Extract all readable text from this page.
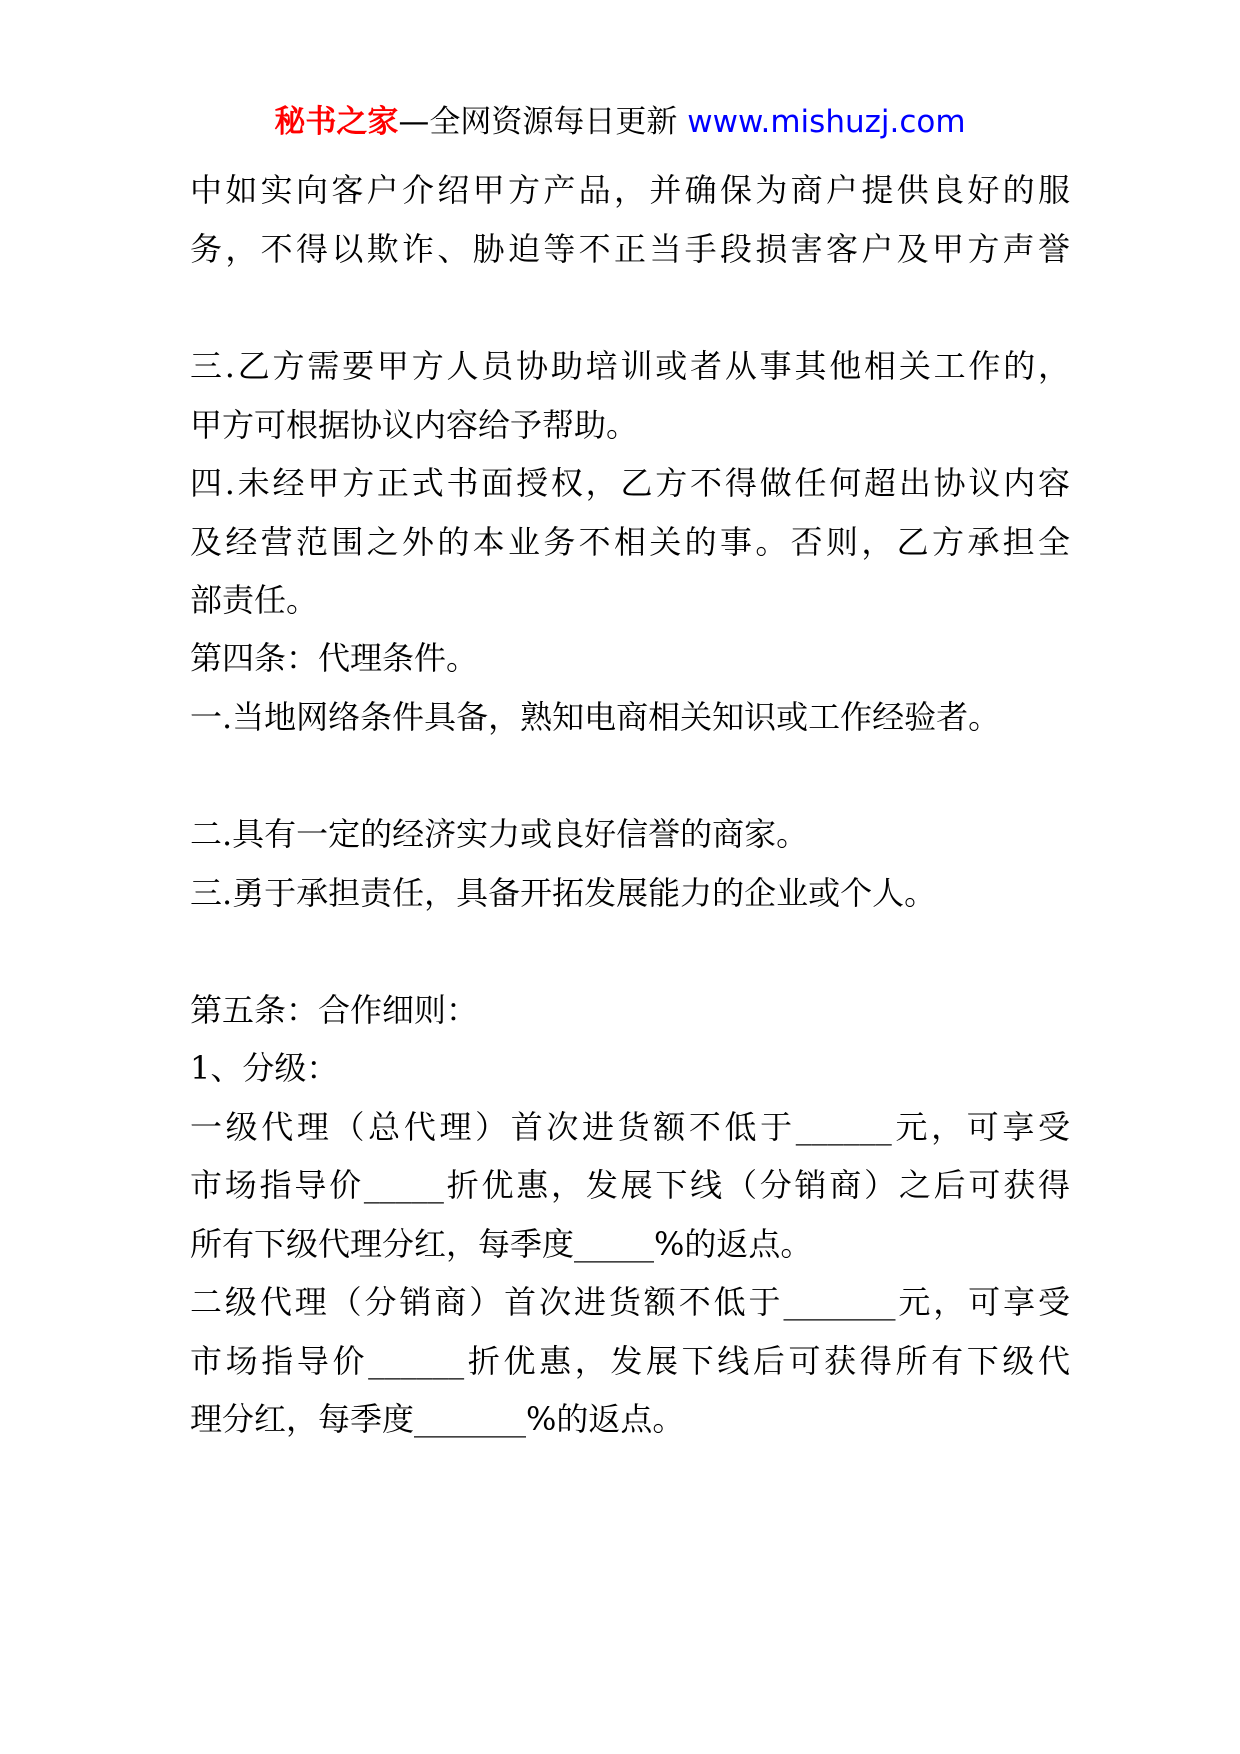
秘书之家—全网资源每日更新 www.mishuzj.com
中如实向客户介绍甲方产品，并确保为商户提供良好的服
务，不得以欺诈、胁迫等不正当手段损害客户及甲方声誉
三.乙方需要甲方人员协助培训或者从事其他相关工作的，
甲方可根据协议内容给予帮助。
四.未经甲方正式书面授权，乙方不得做任何超出协议内容
及经营范围之外的本业务不相关的事。否则，乙方承担全
部责任。
第四条：代理条件。
一.当地网络条件具备，熟知电商相关知识或工作经验者。
二.具有一定的经济实力或良好信誉的商家。
三.勇于承担责任，具备开拓发展能力的企业或个人。
第五条：合作细则：
1、分级：
一级代理（总代理）首次进货额不低于______元，可享受
市场指导价_____折优惠，发展下线（分销商）之后可获得
所有下级代理分红，每季度_____%的返点。
二级代理（分销商）首次进货额不低于_______元，可享受
市场指导价______折优惠，发展下线后可获得所有下级代
理分红，每季度_______%的返点。
